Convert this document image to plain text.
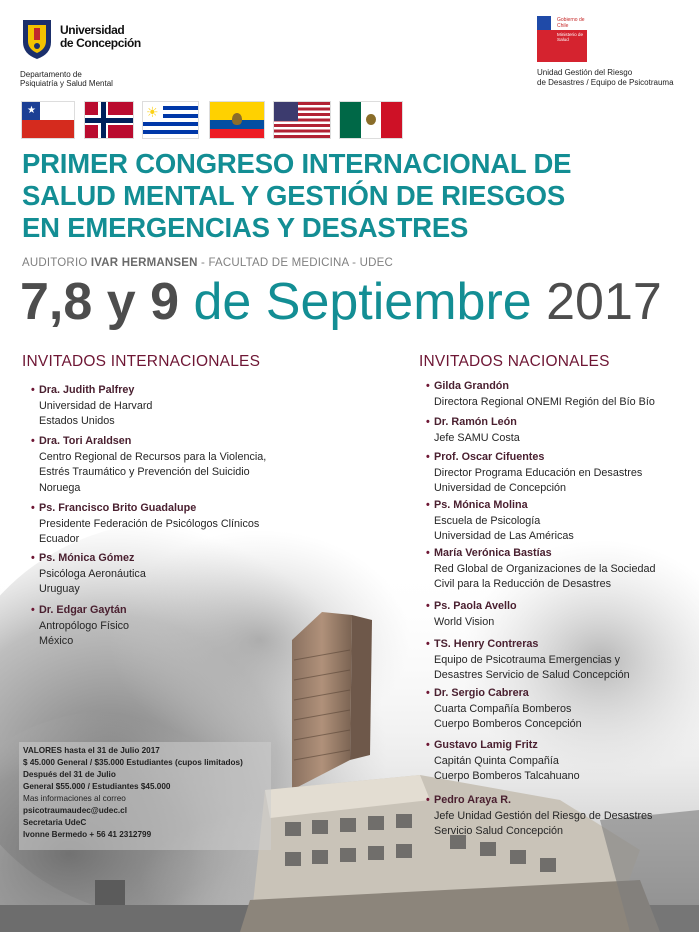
Universidad
de Concepción
Departamento de
Psiquiatría y Salud Mental
Gobierno de Chile
Ministerio de
Salud
Unidad Gestión del Riesgo
de Desastres / Equipo de Psicotrauma
★	☀
PRIMER CONGRESO INTERNACIONAL DE
SALUD MENTAL Y GESTIÓN DE RIESGOS
EN EMERGENCIAS Y DESASTRES
AUDITORIO IVAR HERMANSEN - FACULTAD DE MEDICINA - UDEC
7,8 y 9 de Septiembre 2017
INVITADOS INTERNACIONALES
• Dra. Judith Palfrey
Universidad de Harvard
Estados Unidos
• Dra. Tori Araldsen
Centro Regional de Recursos para la Violencia,
Estrés Traumático y Prevención del Suicidio
Noruega
• Ps. Francisco Brito Guadalupe
Presidente Federación de Psicólogos Clínicos
Ecuador
• Ps. Mónica Gómez
Psicóloga Aeronáutica
Uruguay
• Dr. Edgar Gaytán
Antropólogo Físico
México
INVITADOS NACIONALES
• Gilda Grandón
Directora Regional ONEMI Región del Bío Bío
• Dr. Ramón León
Jefe SAMU Costa
• Prof. Oscar Cifuentes
Director Programa Educación en Desastres
Universidad de Concepción
• Ps. Mónica Molina
Escuela de Psicología
Universidad de Las Américas
• María Verónica Bastías
Red Global de Organizaciones de la Sociedad
Civil para la Reducción de Desastres
• Ps. Paola Avello
World Vision
• TS. Henry Contreras
Equipo de Psicotrauma Emergencias y
Desastres Servicio de Salud Concepción
• Dr. Sergio Cabrera
Cuarta Compañía Bomberos
Cuerpo Bomberos Concepción
• Gustavo Lamig Fritz
Capitán Quinta Compañía
Cuerpo Bomberos Talcahuano
• Pedro Araya R.
Jefe Unidad Gestión del Riesgo de Desastres
Servicio Salud Concepción
VALORES hasta el 31 de Julio 2017
$ 45.000 General / $35.000 Estudiantes (cupos limitados)
Después del 31 de Julio
General $55.000 / Estudiantes $45.000
Mas informaciones al correo
psicotraumaudec@udec.cl
Secretaria UdeC
Ivonne Bermedo + 56 41 2312799
